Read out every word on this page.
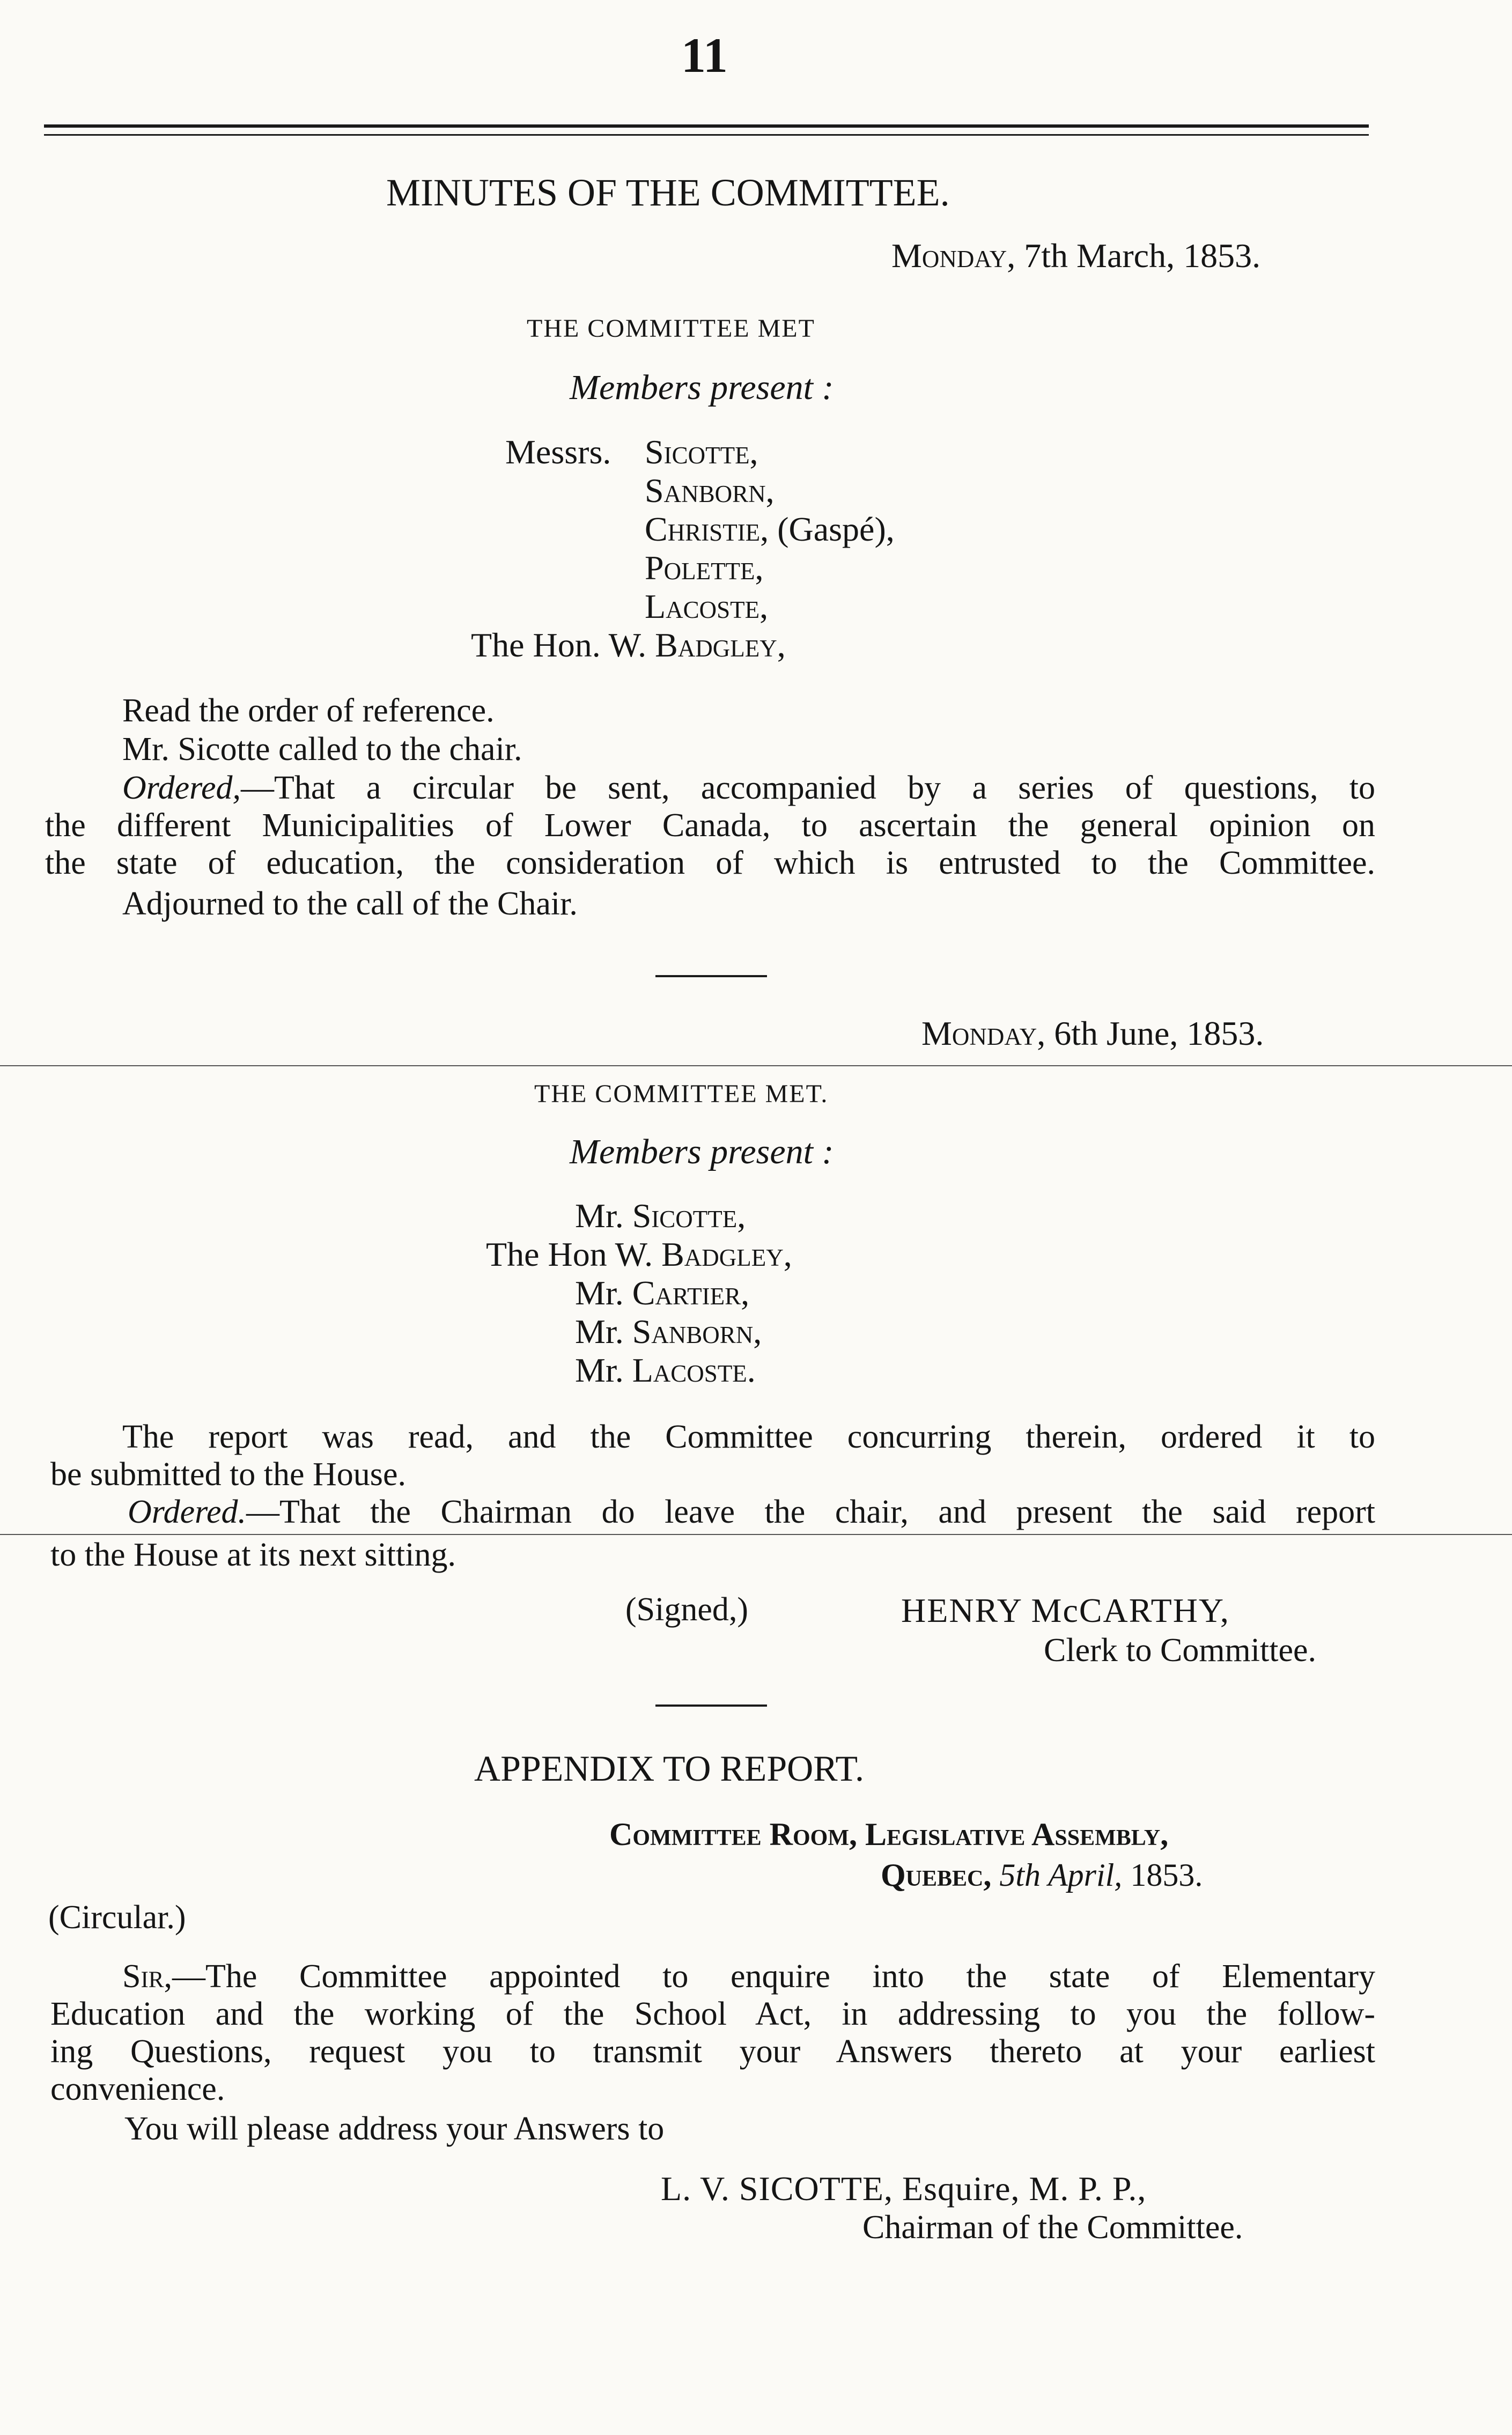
11
MINUTES OF THE COMMITTEE.
Monday, 7th March, 1853.
THE COMMITTEE MET
Members present :
Messrs. Sicotte,
Sanborn,
Christie, (Gaspé),
Polette,
Lacoste,
The Hon. W. Badgley,
Read the order of reference.
Mr. Sicotte called to the chair.
Ordered,—That a circular be sent, accompanied by a series of questions, to
the different Municipalities of Lower Canada, to ascertain the general opinion on
the state of education, the consideration of which is entrusted to the Committee.
Adjourned to the call of the Chair.
Monday, 6th June, 1853.
THE COMMITTEE MET.
Members present :
Mr. Sicotte,
The Hon W. Badgley,
Mr. Cartier,
Mr. Sanborn,
Mr. Lacoste.
The report was read, and the Committee concurring therein, ordered it to
be submitted to the House.
Ordered.—That the Chairman do leave the chair, and present the said report
to the House at its next sitting.
(Signed,)	HENRY McCARTHY,
Clerk to Committee.
APPENDIX TO REPORT.
Committee Room, Legislative Assembly,
Quebec, 5th April, 1853.
(Circular.)
Sir,—The Committee appointed to enquire into the state of Elementary
Education and the working of the School Act, in addressing to you the follow-
ing Questions, request you to transmit your Answers thereto at your earliest
convenience.
You will please address your Answers to
L. V. SICOTTE, Esquire, M. P. P.,
Chairman of the Committee.
